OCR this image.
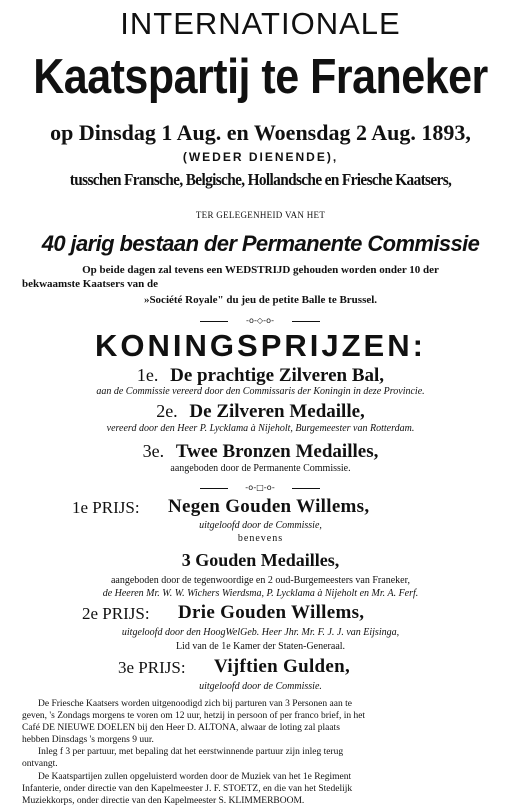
INTERNATIONALE

Kaatspartij te Franeker

op Dinsdag 1 Aug. en Woensdag 2 Aug. 1893,

(WEDER DIENENDE),

tusschen Fransche, Belgische, Hollandsche en Friesche Kaatsers,

TER GELEGENHEID VAN HET

40 jarig bestaan der Permanente Commissie

Op beide dagen zal tevens een WEDSTRIJD gehouden worden onder 10 der

bekwaamste Kaatsers van de

»Société Royale" du jeu de petite Balle te Brussel.

-o-◇-o-

KONINGSPRIJZEN:

1e. De prachtige Zilveren Bal,

aan de Commissie vereerd door den Commissaris der Koningin in deze Provincie.

2e. De Zilveren Medaille,

vereerd door den Heer P. Lycklama à Nijeholt, Burgemeester van Rotterdam.

3e. Twee Bronzen Medailles,

aangeboden door de Permanente Commissie.

-o-□-o-

1e PRIJS: Negen Gouden Willems,

uitgeloofd door de Commissie,

benevens

3 Gouden Medailles,

aangeboden door de tegenwoordige en 2 oud-Burgemeesters van Franeker,

de Heeren Mr. W. W. Wichers Wierdsma, P. Lycklama à Nijeholt en Mr. A. Ferf.

2e PRIJS: Drie Gouden Willems,

uitgeloofd door den HoogWelGeb. Heer Jhr. Mr. F. J. J. van Eijsinga,

Lid van de 1e Kamer der Staten-Generaal.

3e PRIJS: Vijftien Gulden,

uitgeloofd door de Commissie.

De Friesche Kaatsers worden uitgenoodigd zich bij parturen van 3 Personen aan te

geven, 's Zondags morgens te voren om 12 uur, hetzij in persoon of per franco brief, in het

Café DE NIEUWE DOELEN bij den Heer D. ALTONA, alwaar de loting zal plaats

hebben Dinsdags 's morgens 9 uur.

Inleg f 3 per partuur, met bepaling dat het eerstwinnende partuur zijn inleg terug

ontvangt.

De Kaatspartijen zullen opgeluisterd worden door de Muziek van het 1e Regiment

Infanterie, onder directie van den Kapelmeester J. F. STOETZ, en die van het Stedelijk

Muziekkorps, onder directie van den Kapelmeester S. KLIMMERBOOM.
